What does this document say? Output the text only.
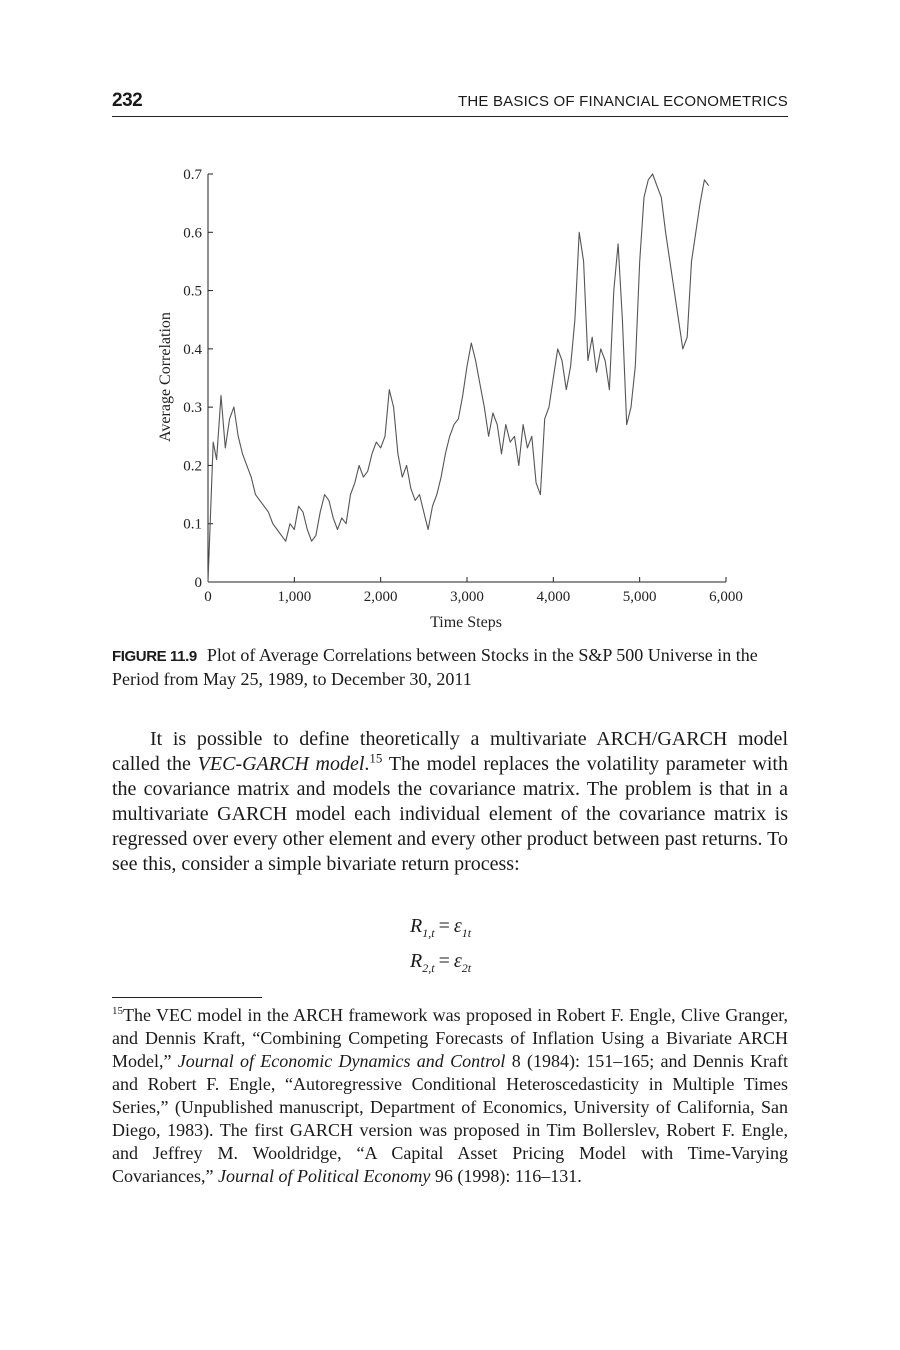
232	THE BASICS OF FINANCIAL ECONOMETRICS
0	1,000	2,000	3,000	4,000	5,000	6,000
0
0.1
0.2
0.3
0.4
0.5
0.6
0.7
Time Steps
Average Correlation
FIGURE 11.9 Plot of Average Correlations between Stocks in the S&P 500 Universe in the Period from May 25, 1989, to December 30, 2011

It is possible to define theoretically a multivariate ARCH/GARCH model called the VEC-GARCH model.$^{15}$ The model replaces the volatility parameter with the covariance matrix and models the covariance matrix. The problem is that in a multivariate GARCH model each individual element of the covariance matrix is regressed over every other element and every other product between past returns. To see this, consider a simple bivariate return process:

$R_{1,t} = \varepsilon_{1t}$
$R_{2,t} = \varepsilon_{2t}$
$^{15}$The VEC model in the ARCH framework was proposed in Robert F. Engle, Clive Granger, and Dennis Kraft, “Combining Competing Forecasts of Inflation Using a Bivariate ARCH Model,” Journal of Economic Dynamics and Control 8 (1984): 151–165; and Dennis Kraft and Robert F. Engle, “Autoregressive Conditional Heteroscedasticity in Multiple Times Series,” (Unpublished manuscript, Department of Economics, University of California, San Diego, 1983). The first GARCH version was proposed in Tim Bollerslev, Robert F. Engle, and Jeffrey M. Wooldridge, “A Capital Asset Pricing Model with Time-Varying Covariances,” Journal of Political Economy 96 (1998): 116–131.
